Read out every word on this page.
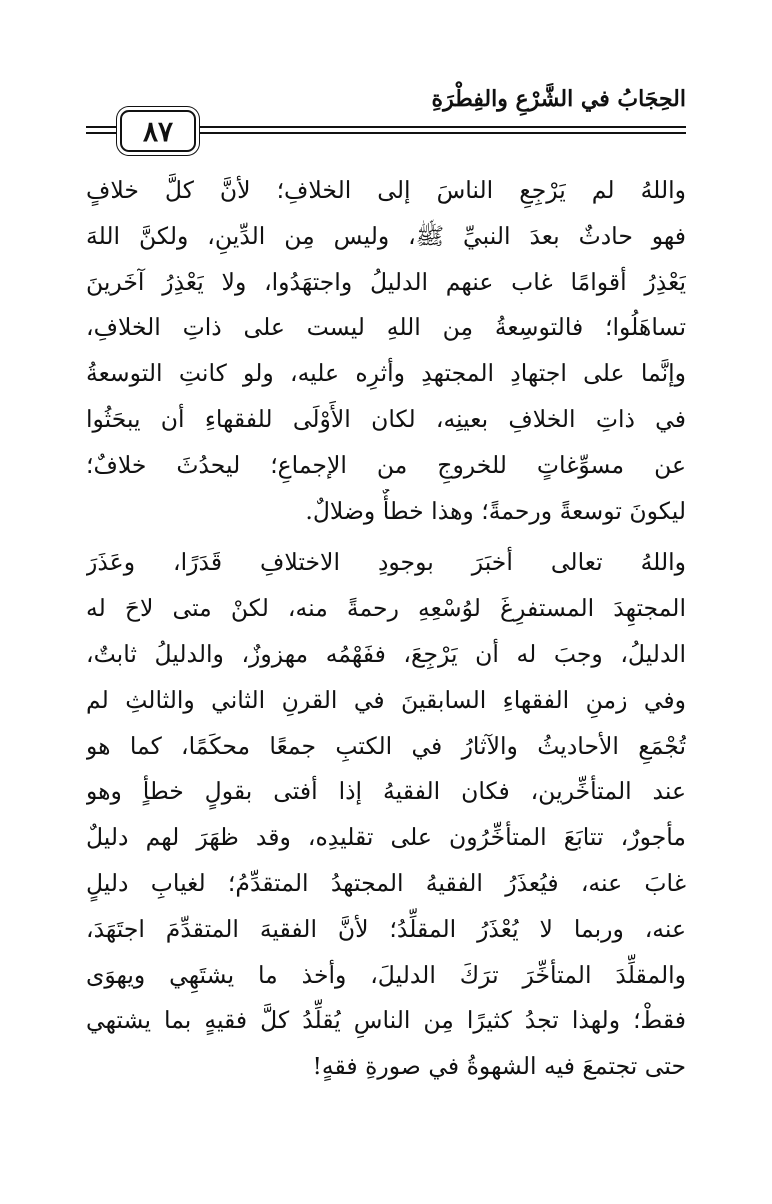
الحِجَابُ في الشَّرْعِ والفِطْرَةِ
٨٧

واللهُ لم يَرْجِعِ الناسَ إلى الخلافِ؛ لأنَّ كلَّ خلافٍ
فهو حادثٌ بعدَ النبيِّ ﷺ، وليس مِن الدِّينِ، ولكنَّ اللهَ
يَعْذِرُ أقوامًا غاب عنهم الدليلُ واجتهَدُوا، ولا يَعْذِرُ آخَرينَ
تساهَلُوا؛ فالتوسِعةُ مِن اللهِ ليست على ذاتِ الخلافِ،
وإنَّما على اجتهادِ المجتهدِ وأثرِه عليه، ولو كانتِ التوسعةُ
في ذاتِ الخلافِ بعينِه، لكان الأَوْلَى للفقهاءِ أن يبحَثُوا
عن مسوِّغاتٍ للخروجِ من الإجماعِ؛ ليحدُثَ خلافٌ؛
ليكونَ توسعةً ورحمةً؛ وهذا خطأٌ وضلالٌ.

واللهُ تعالى أخبَرَ بوجودِ الاختلافِ قَدَرًا، وعَذَرَ
المجتهِدَ المستفرِغَ لوُسْعِهِ رحمةً منه، لكنْ متى لاحَ له
الدليلُ، وجبَ له أن يَرْجِعَ، ففَهْمُه مهزوزٌ، والدليلُ ثابتٌ،
وفي زمنِ الفقهاءِ السابقينَ في القرنِ الثاني والثالثِ لم
تُجْمَعِ الأحاديثُ والآثارُ في الكتبِ جمعًا محكَمًا، كما هو
عند المتأخِّرين، فكان الفقيهُ إذا أفتى بقولٍ خطأٍ وهو
مأجورٌ، تتابَعَ المتأخِّرُون على تقليدِه، وقد ظهَرَ لهم دليلٌ
غابَ عنه، فيُعذَرُ الفقيهُ المجتهدُ المتقدِّمُ؛ لغيابِ دليلٍ
عنه، وربما لا يُعْذَرُ المقلِّدُ؛ لأنَّ الفقيهَ المتقدِّمَ اجتَهَدَ،
والمقلِّدَ المتأخِّرَ ترَكَ الدليلَ، وأخذ ما يشتَهِي ويهوَى
فقطْ؛ ولهذا تجدُ كثيرًا مِن الناسِ يُقلِّدُ كلَّ فقيهٍ بما يشتهي
حتى تجتمعَ فيه الشهوةُ في صورةِ فقهٍ!
